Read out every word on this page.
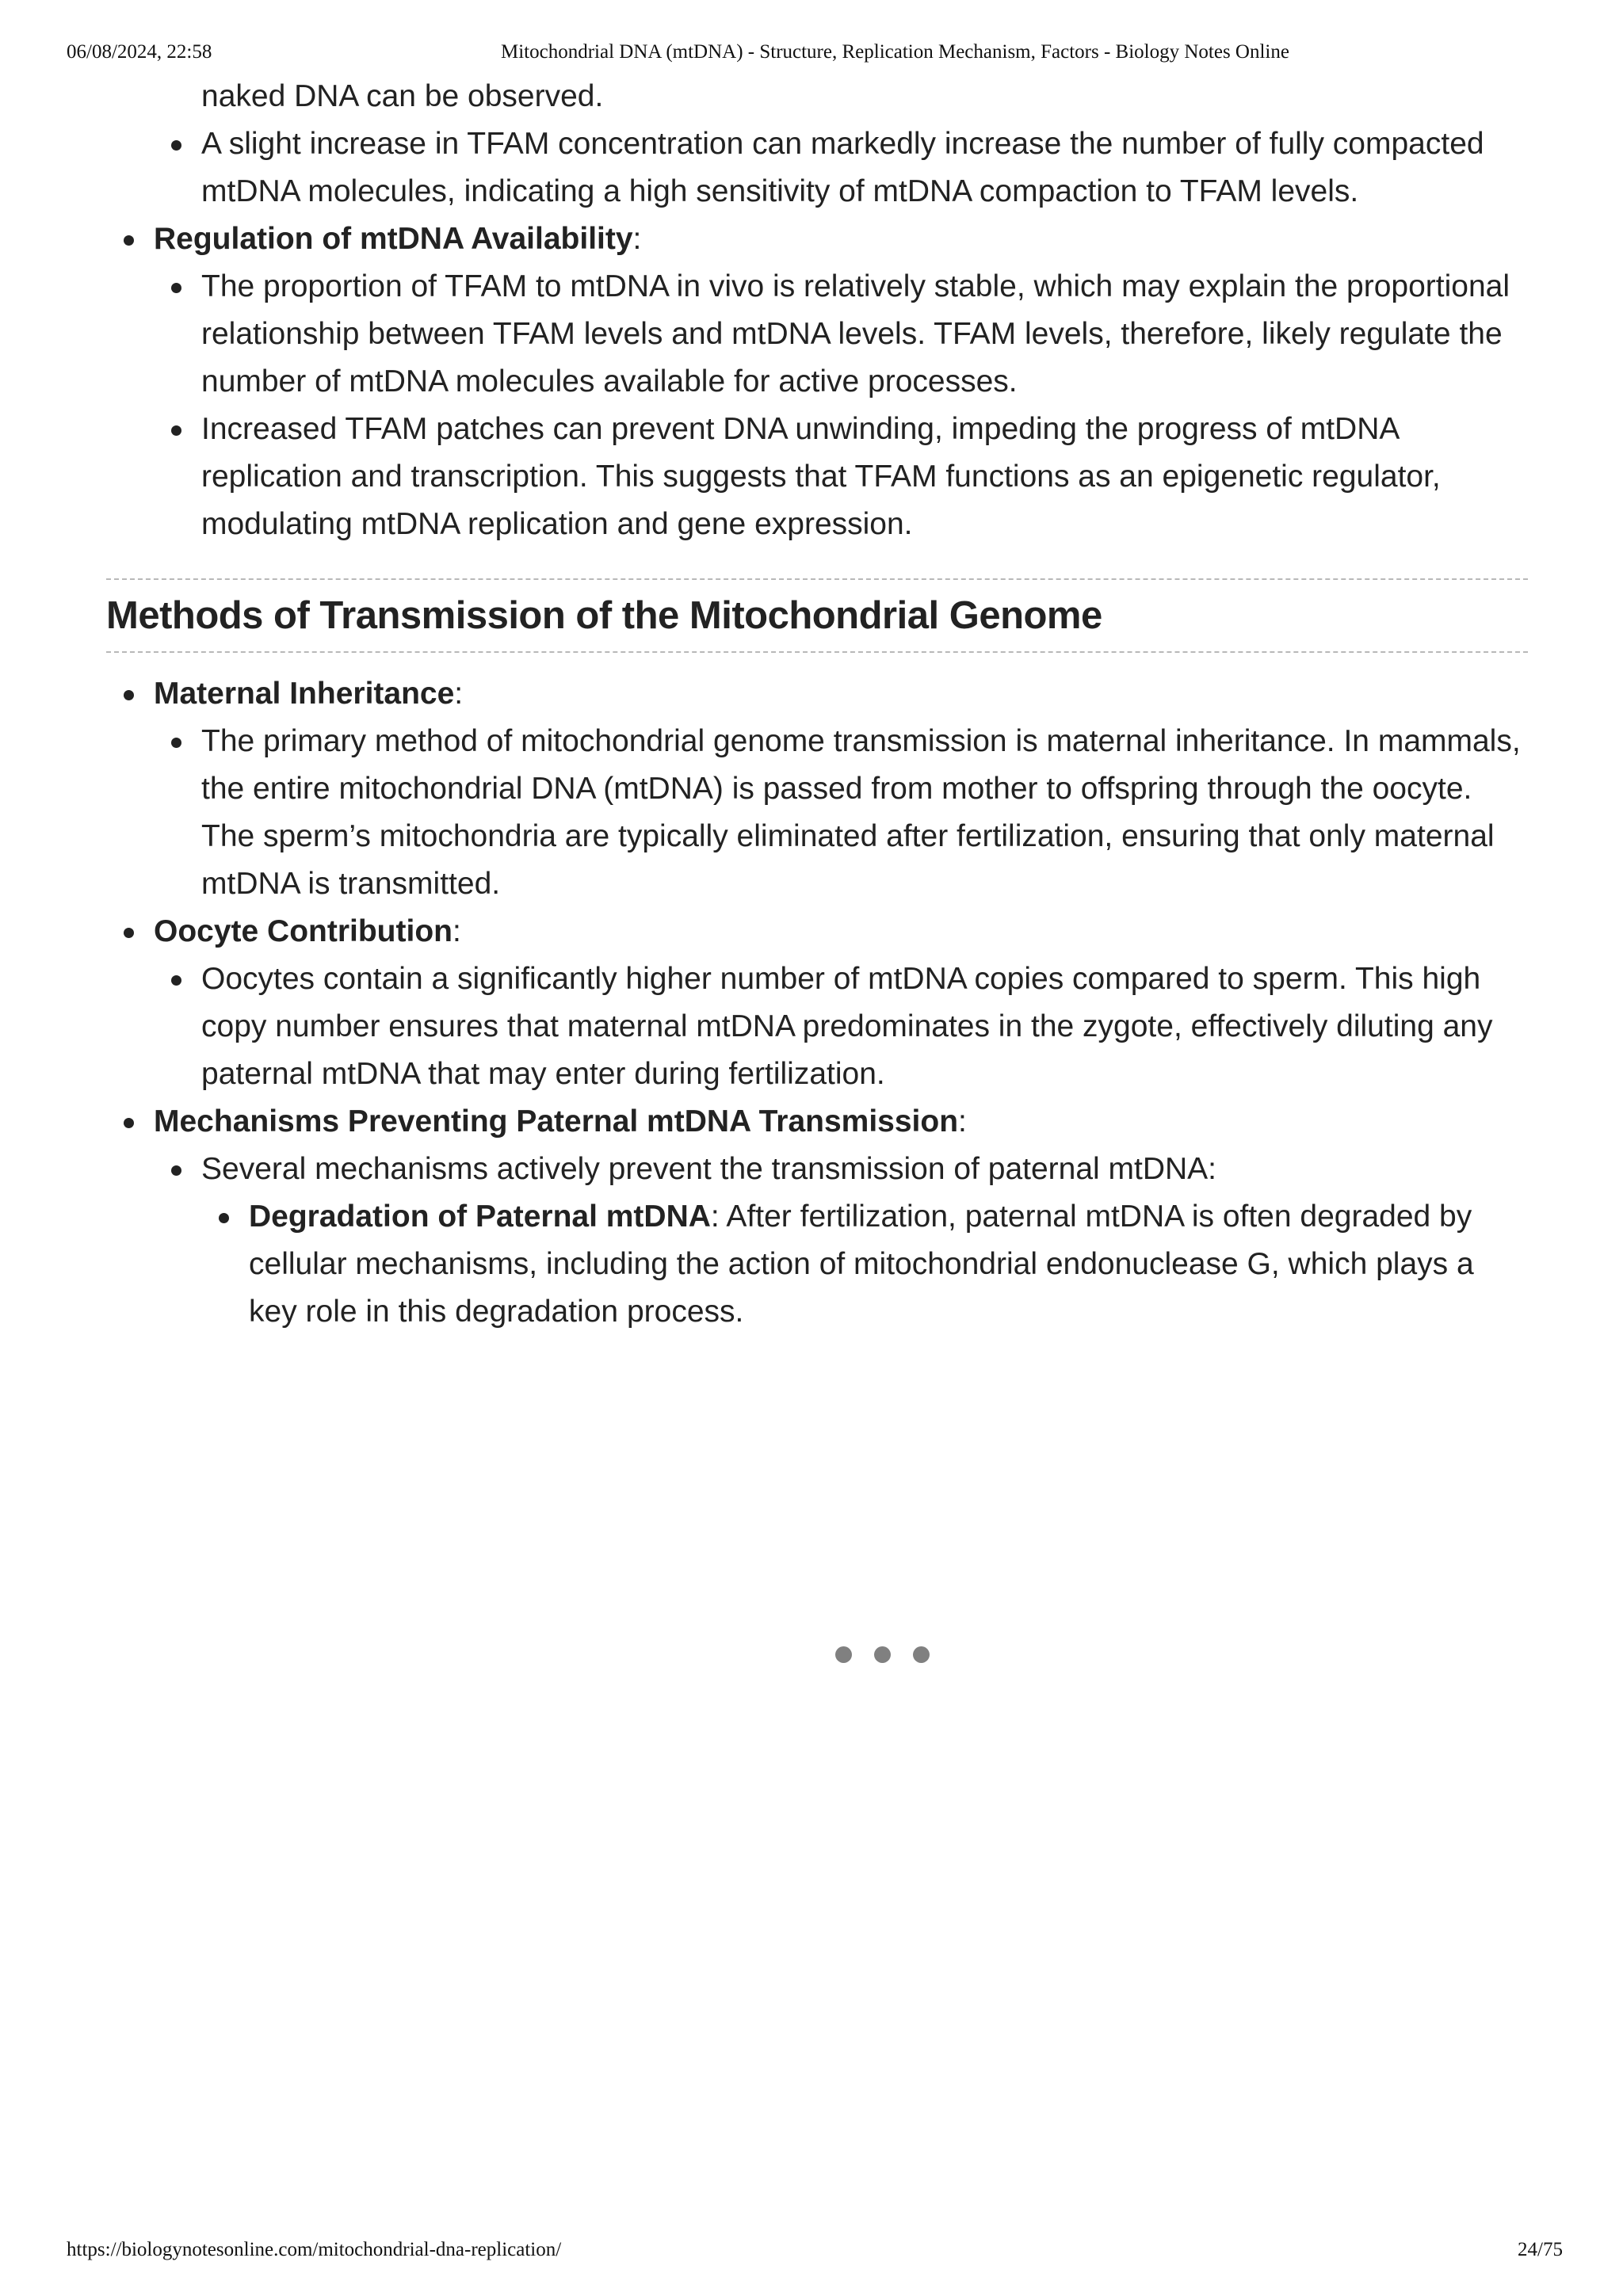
06/08/2024, 22:58	Mitochondrial DNA (mtDNA) - Structure, Replication Mechanism, Factors - Biology Notes Online
naked DNA can be observed.
A slight increase in TFAM concentration can markedly increase the number of fully compacted mtDNA molecules, indicating a high sensitivity of mtDNA compaction to TFAM levels.
Regulation of mtDNA Availability:
The proportion of TFAM to mtDNA in vivo is relatively stable, which may explain the proportional relationship between TFAM levels and mtDNA levels. TFAM levels, therefore, likely regulate the number of mtDNA molecules available for active processes.
Increased TFAM patches can prevent DNA unwinding, impeding the progress of mtDNA replication and transcription. This suggests that TFAM functions as an epigenetic regulator, modulating mtDNA replication and gene expression.
Methods of Transmission of the Mitochondrial Genome
Maternal Inheritance:
The primary method of mitochondrial genome transmission is maternal inheritance. In mammals, the entire mitochondrial DNA (mtDNA) is passed from mother to offspring through the oocyte. The sperm’s mitochondria are typically eliminated after fertilization, ensuring that only maternal mtDNA is transmitted.
Oocyte Contribution:
Oocytes contain a significantly higher number of mtDNA copies compared to sperm. This high copy number ensures that maternal mtDNA predominates in the zygote, effectively diluting any paternal mtDNA that may enter during fertilization.
Mechanisms Preventing Paternal mtDNA Transmission:
Several mechanisms actively prevent the transmission of paternal mtDNA:
Degradation of Paternal mtDNA: After fertilization, paternal mtDNA is often degraded by cellular mechanisms, including the action of mitochondrial endonuclease G, which plays a key role in this degradation process.
https://biologynotesonline.com/mitochondrial-dna-replication/	24/75
